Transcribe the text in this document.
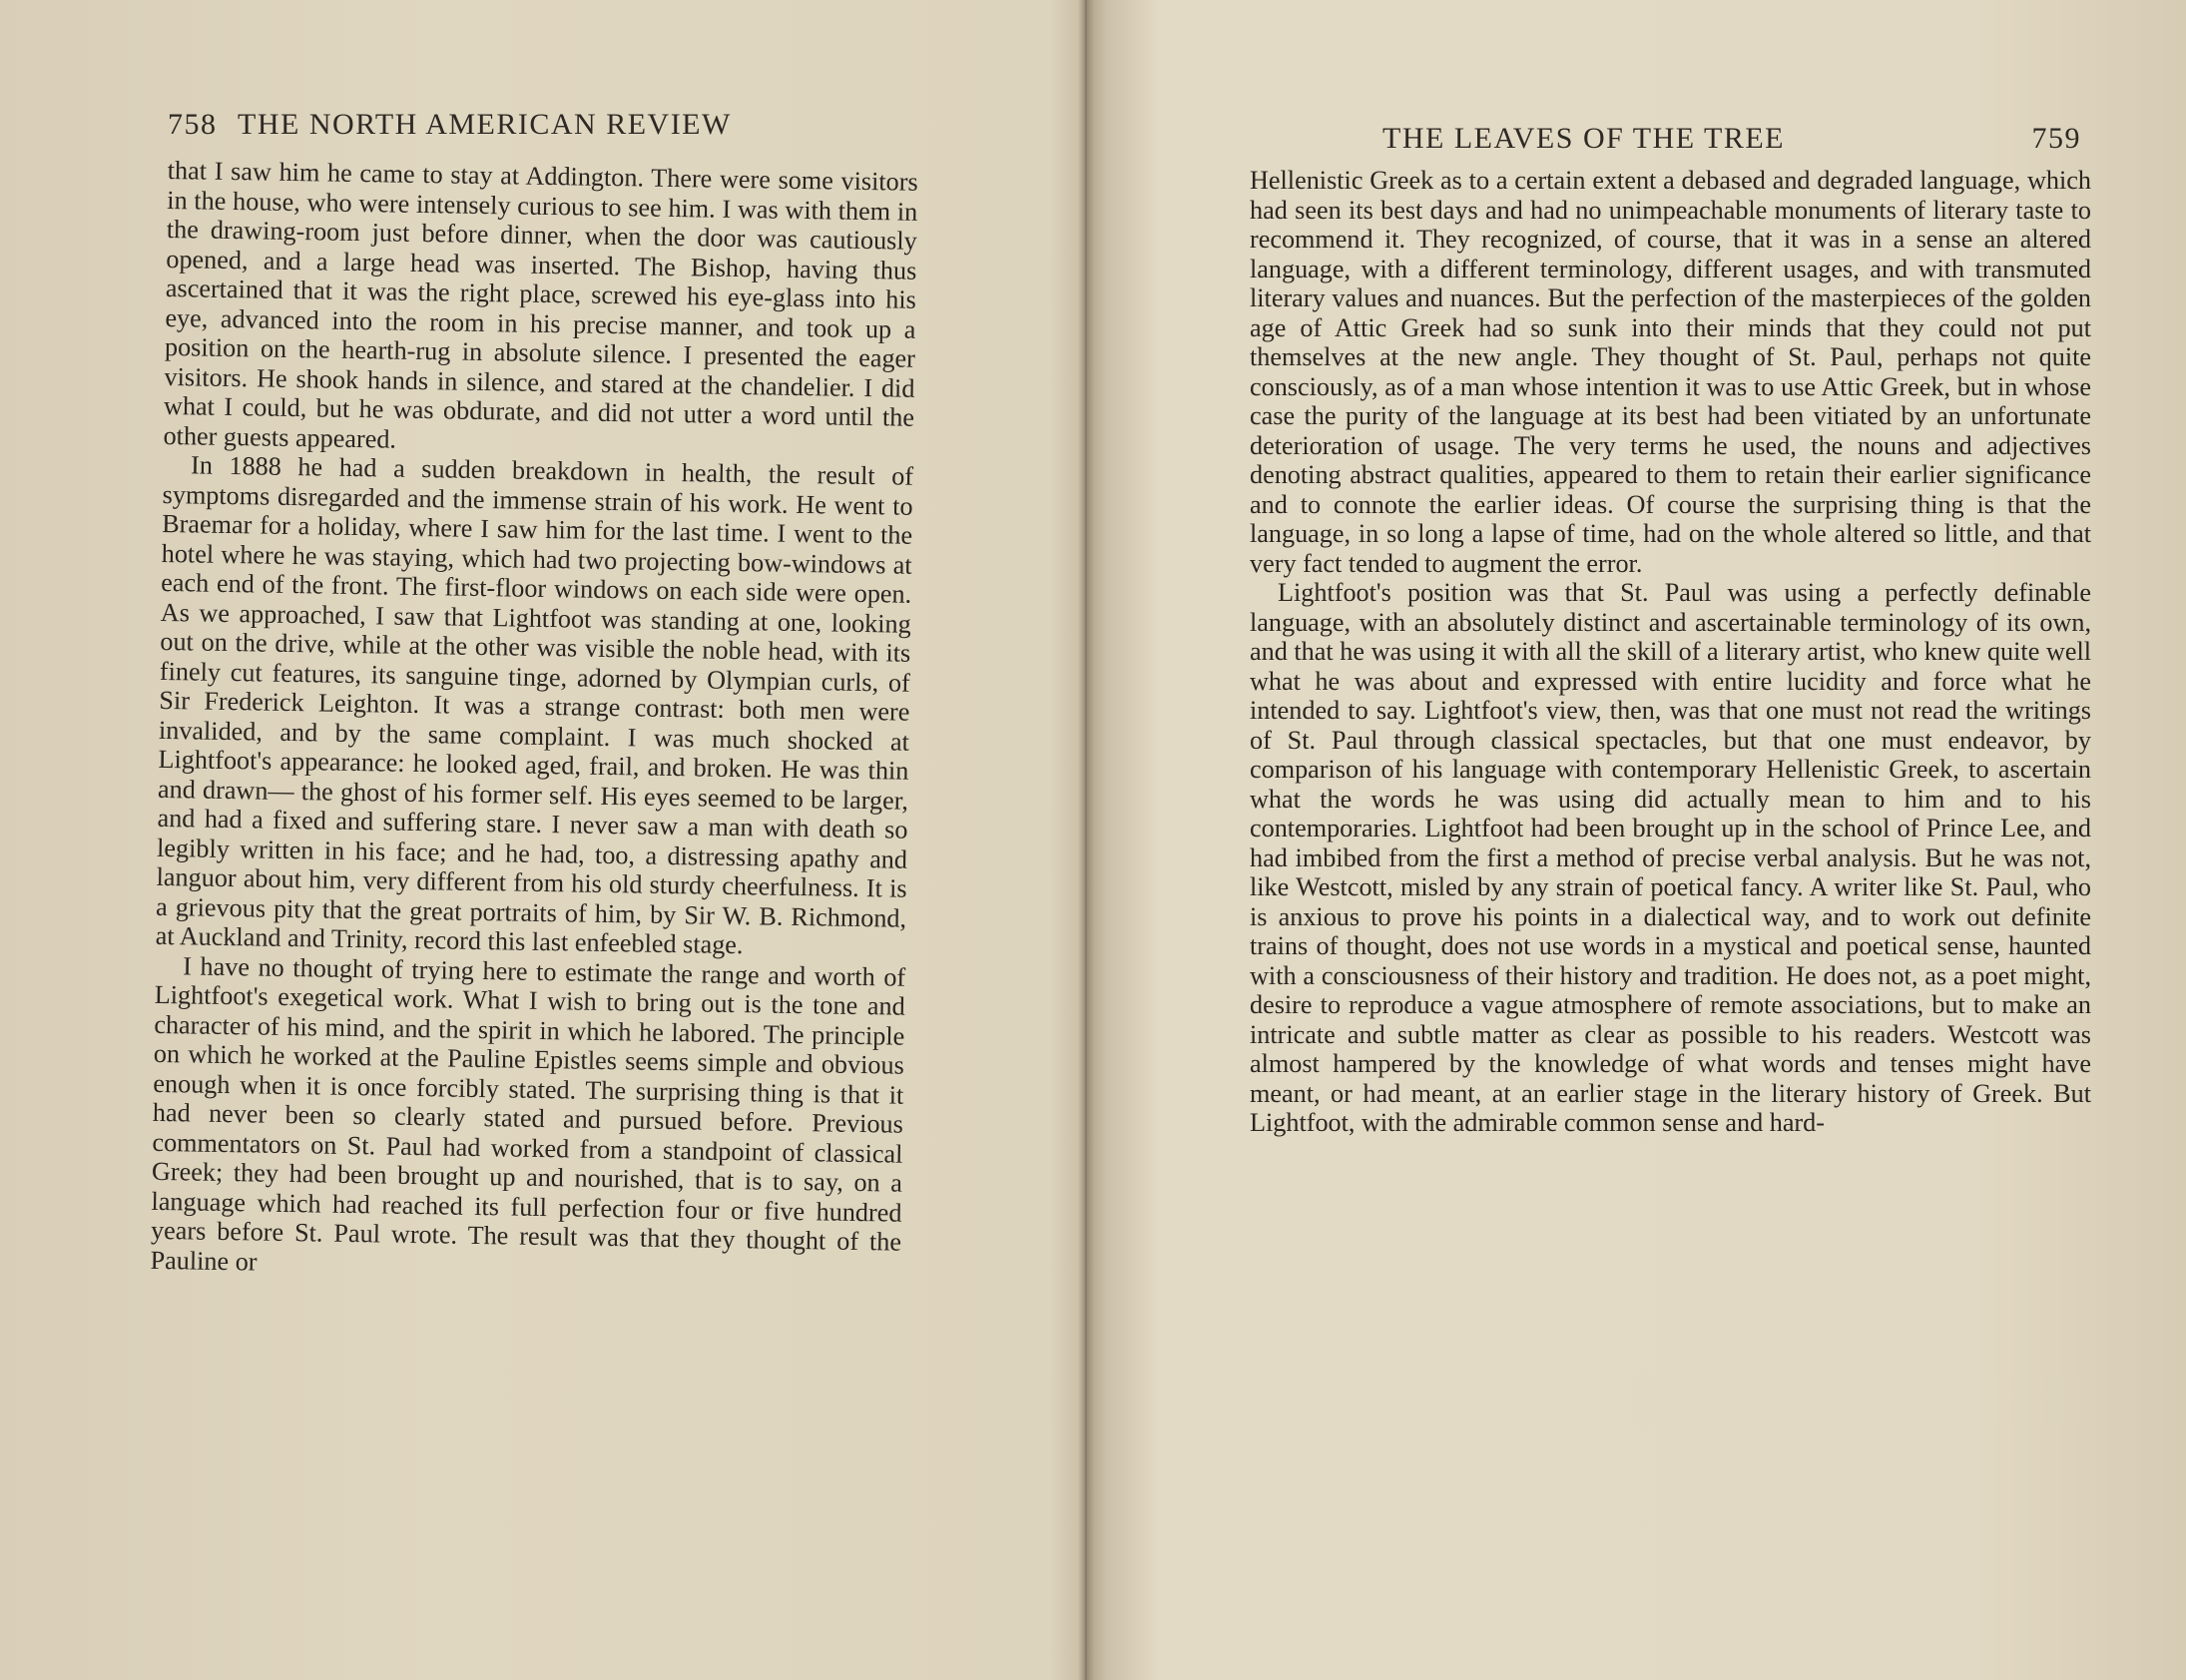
758 THE NORTH AMERICAN REVIEW

that I saw him he came to stay at Addington. There were some visitors in the house, who were intensely curious to see him. I was with them in the drawing-room just before dinner, when the door was cautiously opened, and a large head was inserted. The Bishop, having thus ascertained that it was the right place, screwed his eye-glass into his eye, advanced into the room in his precise manner, and took up a position on the hearth-rug in absolute silence. I presented the eager visitors. He shook hands in silence, and stared at the chandelier. I did what I could, but he was obdurate, and did not utter a word until the other guests appeared.

In 1888 he had a sudden breakdown in health, the result of symptoms disregarded and the immense strain of his work. He went to Braemar for a holiday, where I saw him for the last time. I went to the hotel where he was staying, which had two projecting bow-windows at each end of the front. The first-floor windows on each side were open. As we approached, I saw that Lightfoot was standing at one, looking out on the drive, while at the other was visible the noble head, with its finely cut features, its sanguine tinge, adorned by Olympian curls, of Sir Frederick Leighton. It was a strange contrast: both men were invalided, and by the same complaint. I was much shocked at Lightfoot's appearance: he looked aged, frail, and broken. He was thin and drawn— the ghost of his former self. His eyes seemed to be larger, and had a fixed and suffering stare. I never saw a man with death so legibly written in his face; and he had, too, a distressing apathy and languor about him, very different from his old sturdy cheerfulness. It is a grievous pity that the great portraits of him, by Sir W. B. Richmond, at Auckland and Trinity, record this last enfeebled stage.

I have no thought of trying here to estimate the range and worth of Lightfoot's exegetical work. What I wish to bring out is the tone and character of his mind, and the spirit in which he labored. The principle on which he worked at the Pauline Epistles seems simple and obvious enough when it is once forcibly stated. The surprising thing is that it had never been so clearly stated and pursued before. Previous commentators on St. Paul had worked from a standpoint of classical Greek; they had been brought up and nourished, that is to say, on a language which had reached its full perfection four or five hundred years before St. Paul wrote. The result was that they thought of the Pauline or

THE LEAVES OF THE TREE	759

Hellenistic Greek as to a certain extent a debased and degraded language, which had seen its best days and had no unimpeachable monuments of literary taste to recommend it. They recognized, of course, that it was in a sense an altered language, with a different terminology, different usages, and with transmuted literary values and nuances. But the perfection of the masterpieces of the golden age of Attic Greek had so sunk into their minds that they could not put themselves at the new angle. They thought of St. Paul, perhaps not quite consciously, as of a man whose intention it was to use Attic Greek, but in whose case the purity of the language at its best had been vitiated by an unfortunate deterioration of usage. The very terms he used, the nouns and adjectives denoting abstract qualities, appeared to them to retain their earlier significance and to connote the earlier ideas. Of course the surprising thing is that the language, in so long a lapse of time, had on the whole altered so little, and that very fact tended to augment the error.

Lightfoot's position was that St. Paul was using a perfectly definable language, with an absolutely distinct and ascertainable terminology of its own, and that he was using it with all the skill of a literary artist, who knew quite well what he was about and expressed with entire lucidity and force what he intended to say. Lightfoot's view, then, was that one must not read the writings of St. Paul through classical spectacles, but that one must endeavor, by comparison of his language with contemporary Hellenistic Greek, to ascertain what the words he was using did actually mean to him and to his contemporaries. Lightfoot had been brought up in the school of Prince Lee, and had imbibed from the first a method of precise verbal analysis. But he was not, like Westcott, misled by any strain of poetical fancy. A writer like St. Paul, who is anxious to prove his points in a dialectical way, and to work out definite trains of thought, does not use words in a mystical and poetical sense, haunted with a consciousness of their history and tradition. He does not, as a poet might, desire to reproduce a vague atmosphere of remote associations, but to make an intricate and subtle matter as clear as possible to his readers. Westcott was almost hampered by the knowledge of what words and tenses might have meant, or had meant, at an earlier stage in the literary history of Greek. But Lightfoot, with the admirable common sense and hard-
